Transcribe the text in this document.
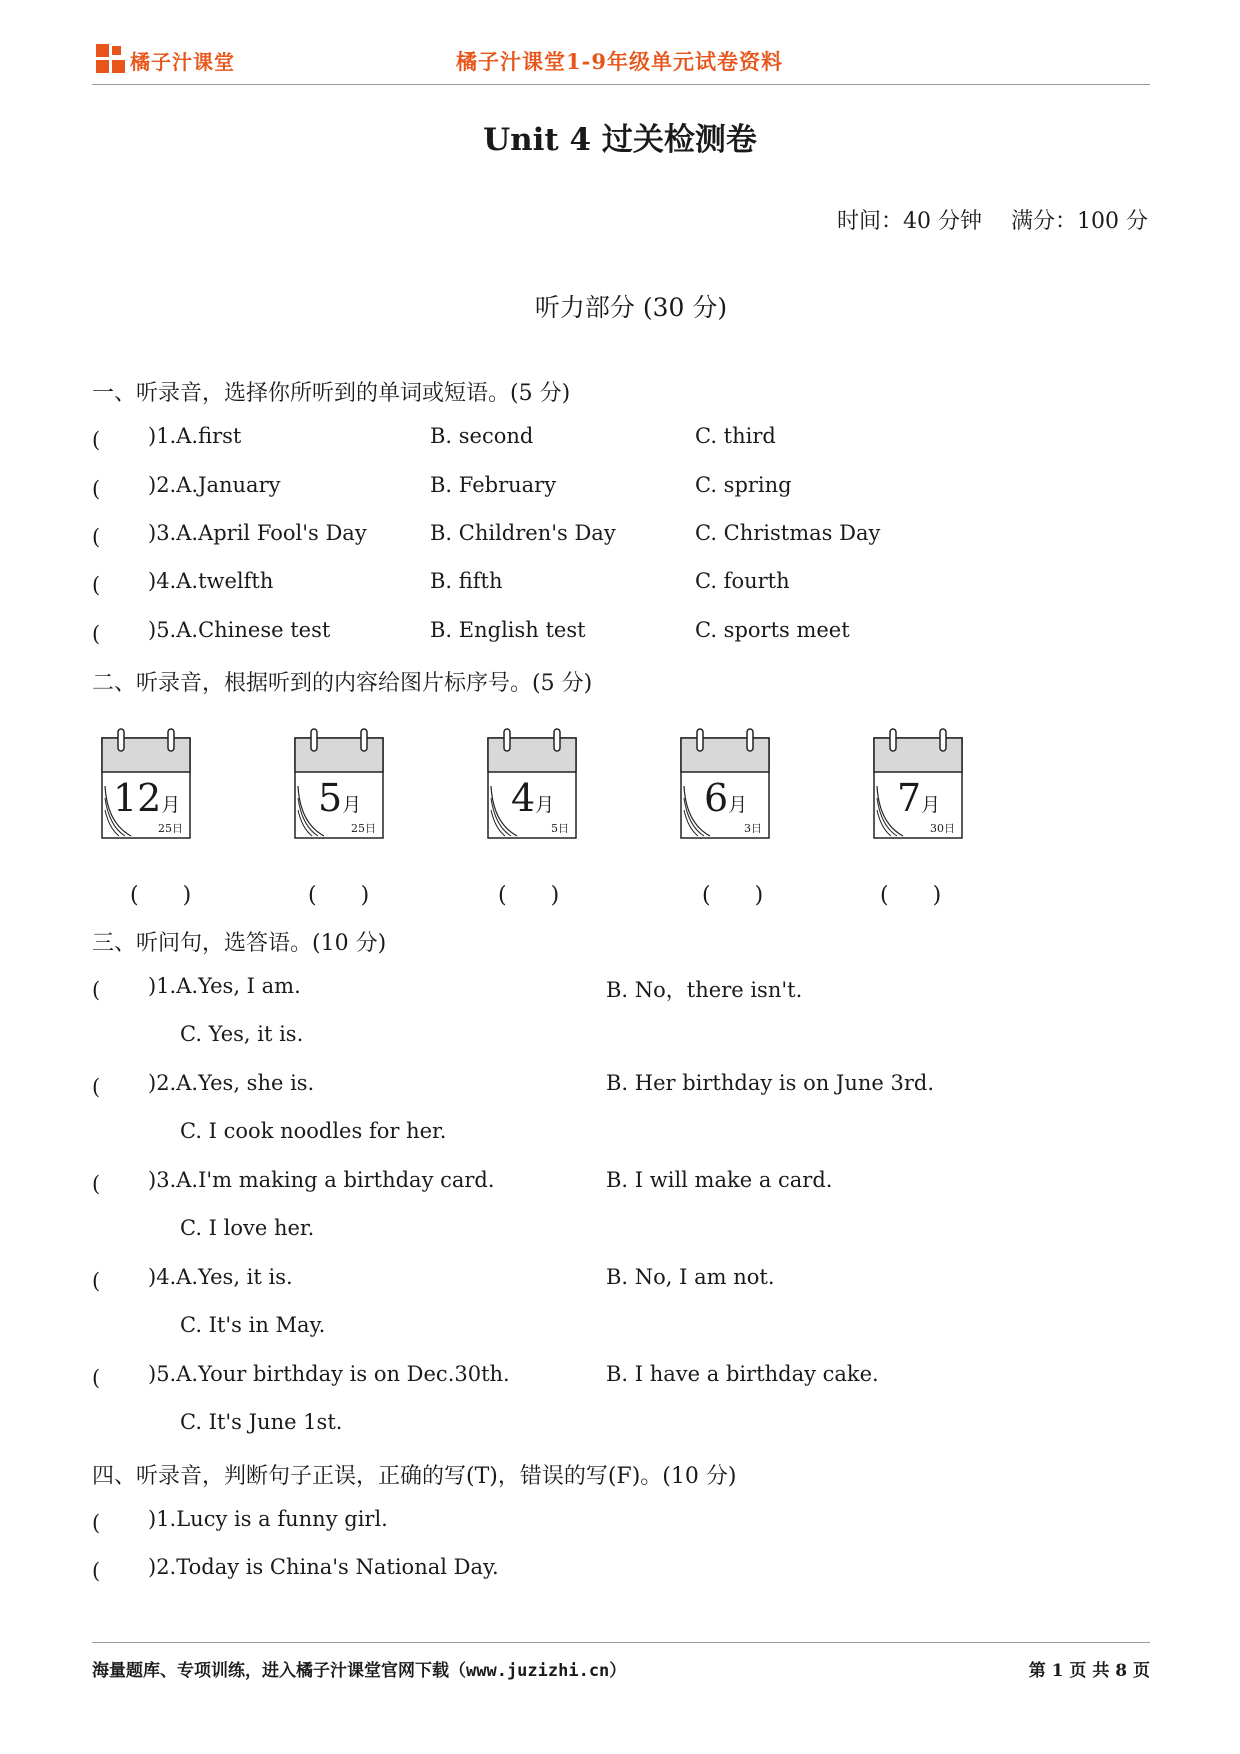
橘子汁课堂	橘子汁课堂1-9年级单元试卷资料
Unit 4 过关检测卷
时间：40 分钟　 满分：100 分
听力部分 (30 分)
一、听录音，选择你所听到的单词或短语。(5 分)
(　　 )1.A.first	B. second	C. third
(　　 )2.A.January	B. February	C. spring
(　　 )3.A.April Fool's Day	B. Children's Day	C. Christmas Day
(　　 )4.A.twelfth	B. fifth	C. fourth
(　　 )5.A.Chinese test	B. English test	C. sports meet
二、听录音，根据听到的内容给图片标序号。(5 分)
12月
25日
5月
25日
4月
5日
6月
3日
7月
30日
(　　)	(　　)	(　　)	(　　)	(　　)
三、听问句，选答语。(10 分)
(　　 )1.A.Yes, I am.	B. No，there isn't.
C. Yes, it is.
(　　 )2.A.Yes, she is.	B. Her birthday is on June 3rd.
C. I cook noodles for her.
(　　 )3.A.I'm making a birthday card.	B. I will make a card.
C. I love her.
(　　 )4.A.Yes, it is.	B. No, I am not.
C. It's in May.
(　　 )5.A.Your birthday is on Dec.30th.	B. I have a birthday cake.
C. It's June 1st.
四、听录音，判断句子正误，正确的写(T)，错误的写(F)。(10 分)
(　　 )1.Lucy is a funny girl.
(　　 )2.Today is China's National Day.
海量题库、专项训练，进入橘子汁课堂官网下载（www.juzizhi.cn）	第 1 页 共 8 页
